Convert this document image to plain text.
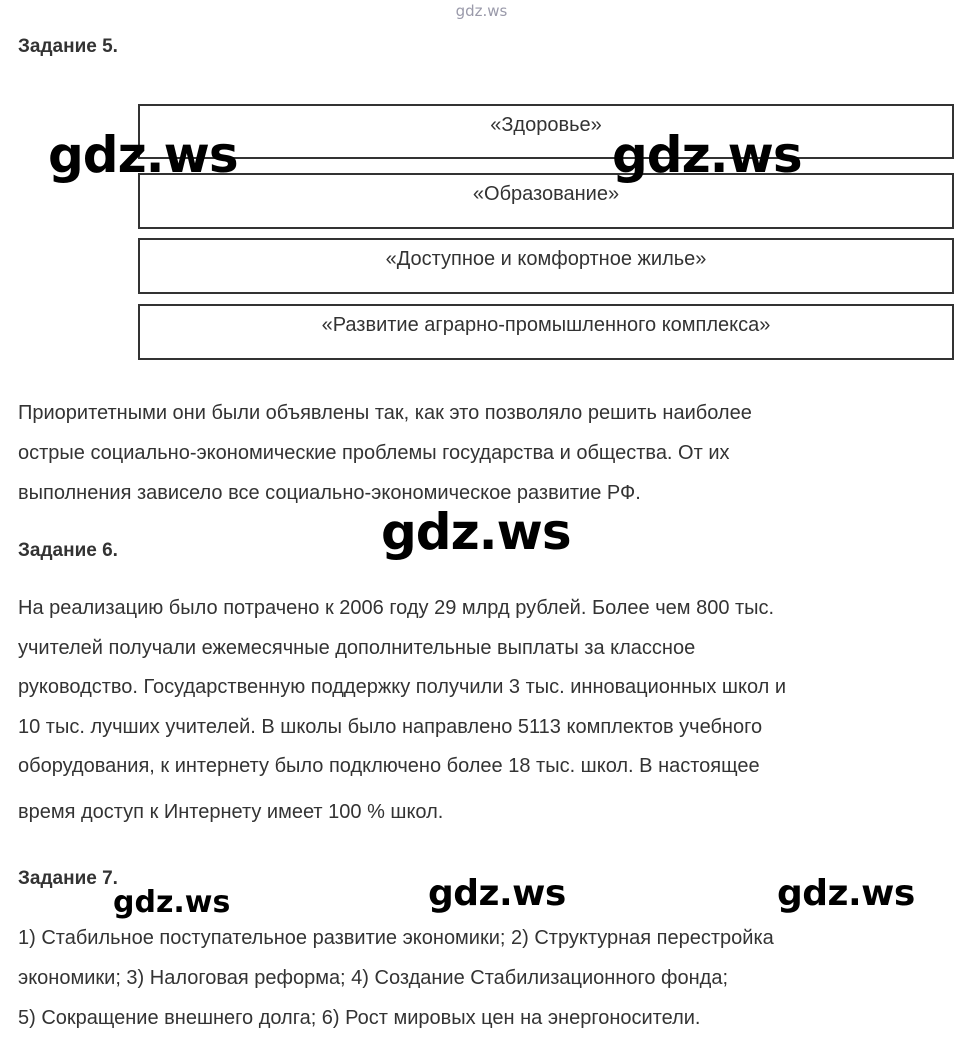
gdz.ws
Задание 5.
«Здоровье»
«Образование»
«Доступное и комфортное жилье»
«Развитие аграрно-промышленного комплекса»
Приоритетными они были объявлены так, как это позволяло решить наиболее
острые социально-экономические проблемы государства и общества. От их
выполнения зависело все социально-экономическое развитие РФ.
Задание 6.
На реализацию было потрачено к 2006 году 29 млрд рублей. Более чем 800 тыс.
учителей получали ежемесячные дополнительные выплаты за классное
руководство. Государственную поддержку получили 3 тыс. инновационных школ и
10 тыс. лучших учителей. В школы было направлено 5113 комплектов учебного
оборудования, к интернету было подключено более 18 тыс. школ. В настоящее
время доступ к Интернету имеет 100 % школ.
Задание 7.
1) Стабильное поступательное развитие экономики; 2) Структурная перестройка
экономики; 3) Налоговая реформа; 4) Создание Стабилизационного фонда;
5) Сокращение внешнего долга; 6) Рост мировых цен на энергоносители.
gdz.ws	gdz.ws
gdz.ws
gdz.ws	gdz.ws	gdz.ws
